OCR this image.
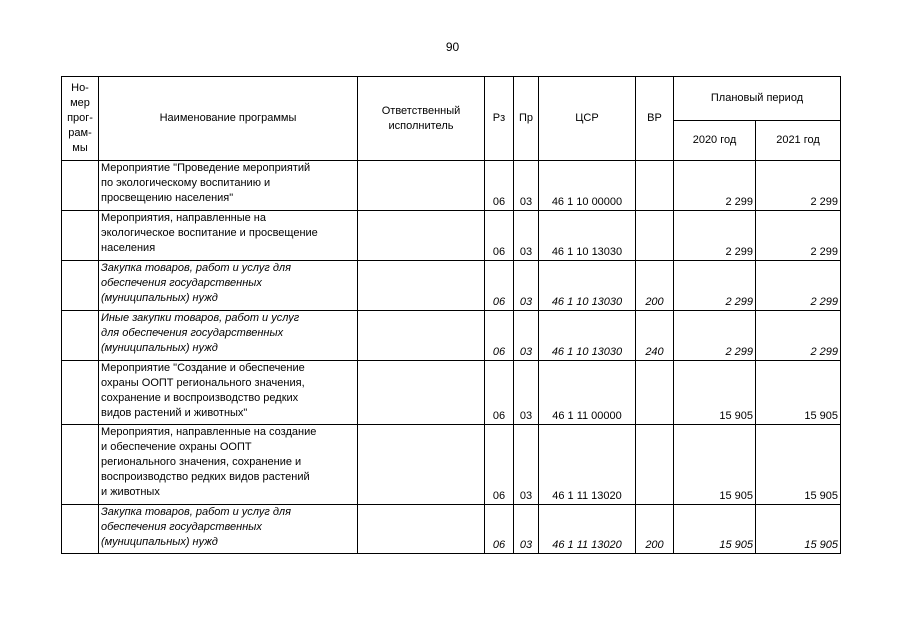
90
Но-
мер
прог-
рам-
мы	Наименование программы	Ответственный
исполнитель	Рз	Пр	ЦСР	ВР	Плановый период	
							2020 год	2021 год

	Мероприятие "Проведение мероприятий
по экологическому воспитанию и
просвещению населения"		06	03	46 1 10 00000		2 299	2 299

	Мероприятия, направленные на
экологическое воспитание и просвещение
населения		06	03	46 1 10 13030		2 299	2 299

	Закупка товаров, работ и услуг для
обеспечения государственных
(муниципальных) нужд		06	03	46 1 10 13030	200	2 299	2 299

	Иные закупки товаров, работ и услуг
для обеспечения государственных
(муниципальных) нужд		06	03	46 1 10 13030	240	2 299	2 299

	Мероприятие "Создание и обеспечение
охраны ООПТ регионального значения,
сохранение и воспроизводство редких
видов растений и животных"		06	03	46 1 11 00000		15 905	15 905

	Мероприятия, направленные на создание
и обеспечение охраны ООПТ
регионального значения, сохранение и
воспроизводство редких видов растений
и животных		06	03	46 1 11 13020		15 905	15 905

	Закупка товаров, работ и услуг для
обеспечения государственных
(муниципальных) нужд		06	03	46 1 11 13020	200	15 905	15 905
